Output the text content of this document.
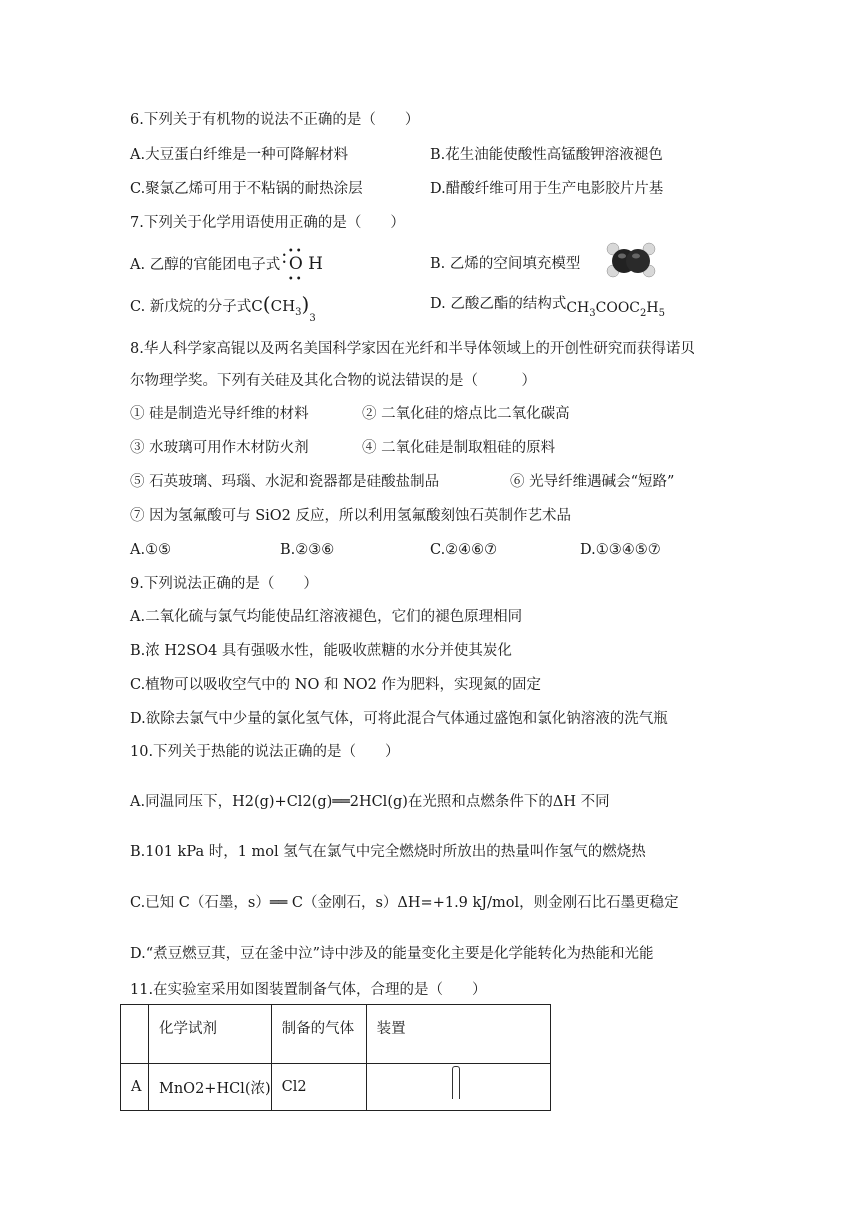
6.下列关于有机物的说法不正确的是（　　）
A.大豆蛋白纤维是一种可降解材料	B.花生油能使酸性高锰酸钾溶液褪色
C.聚氯乙烯可用于不粘锅的耐热涂层	D.醋酸纤维可用于生产电影胶片片基
7.下列关于化学用语使用正确的是（　　）
A. 乙醇的官能团电子式
••
•
•
••
O H	B. 乙烯的空间填充模型
C. 新戊烷的分子式$C(CH_3)_3$
D. 乙酸乙酯的结构式$CH_3COOC_2H_5$
8.华人科学家高锟以及两名美国科学家因在光纤和半导体领域上的开创性研究而获得诺贝
尔物理学奖。下列有关硅及其化合物的说法错误的是（　　　）
① 硅是制造光导纤维的材料	② 二氧化硅的熔点比二氧化碳高
③ 水玻璃可用作木材防火剂	④ 二氧化硅是制取粗硅的原料
⑤ 石英玻璃、玛瑙、水泥和瓷器都是硅酸盐制品	⑥ 光导纤维遇碱会“短路”
⑦ 因为氢氟酸可与 SiO2 反应，所以利用氢氟酸刻蚀石英制作艺术品
A.①⑤	B.②③⑥	C.②④⑥⑦	D.①③④⑤⑦
9.下列说法正确的是（　　）
A.二氧化硫与氯气均能使品红溶液褪色，它们的褪色原理相同
B.浓 H2SO4 具有强吸水性，能吸收蔗糖的水分并使其炭化
C.植物可以吸收空气中的 NO 和 NO2 作为肥料，实现氮的固定
D.欲除去氯气中少量的氯化氢气体，可将此混合气体通过盛饱和氯化钠溶液的洗气瓶
10.下列关于热能的说法正确的是（　　）
A.同温同压下，H2(g)+Cl2(g)══2HCl(g)在光照和点燃条件下的ΔH 不同
B.101 kPa 时，1 mol 氢气在氯气中完全燃烧时所放出的热量叫作氢气的燃烧热
C.已知 C（石墨，s）══ C（金刚石，s）ΔH=+1.9 kJ/mol，则金刚石比石墨更稳定
D.“煮豆燃豆萁，豆在釜中泣”诗中涉及的能量变化主要是化学能转化为热能和光能
11.在实验室采用如图装置制备气体，合理的是（　　）
	化学试剂	制备的气体	装置
A	MnO2+HCl(浓)	Cl2	
